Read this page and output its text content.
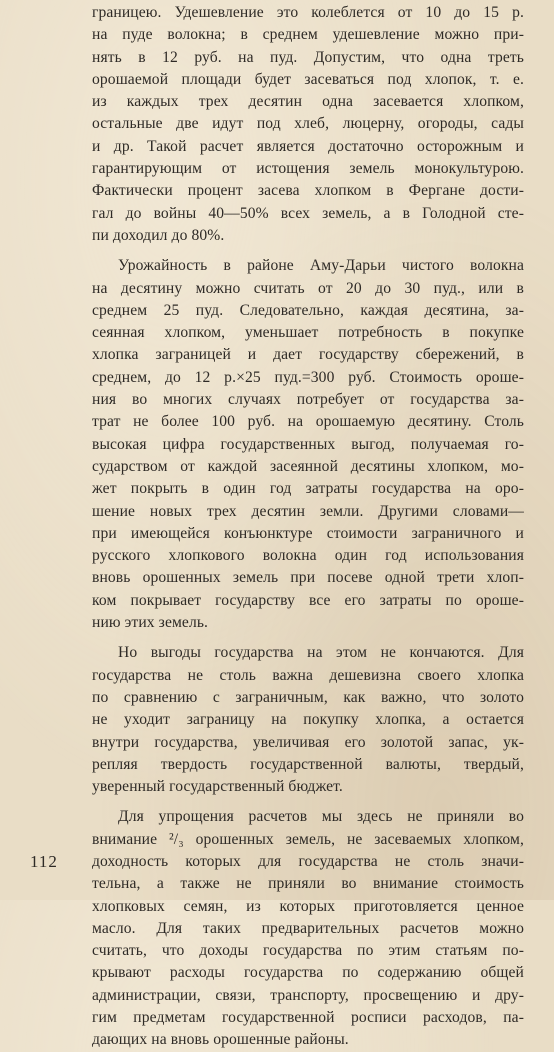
границею. Удешевление это колеблется от 10 до 15 р.
на пуде волокна; в среднем удешевление можно при-
нять в 12 руб. на пуд. Допустим, что одна треть
орошаемой площади будет засеваться под хлопок, т. е.
из каждых трех десятин одна засевается хлопком,
остальные две идут под хлеб, люцерну, огороды, сады
и др. Такой расчет является достаточно осторожным и
гарантирующим от истощения земель монокультурою.
Фактически процент засева хлопком в Фергане дости-
гал до войны 40—50% всех земель, а в Голодной сте-
пи доходил до 80%.
Урожайность в районе Аму-Дарьи чистого волокна
на десятину можно считать от 20 до 30 пуд., или в
среднем 25 пуд. Следовательно, каждая десятина, за-
сеянная хлопком, уменьшает потребность в покупке
хлопка заграницей и дает государству сбережений, в
среднем, до 12 р.×25 пуд.=300 руб. Стоимость ороше-
ния во многих случаях потребует от государства за-
трат не более 100 руб. на орошаемую десятину. Столь
высокая цифра государственных выгод, получаемая го-
сударством от каждой засеянной десятины хлопком, мо-
жет покрыть в один год затраты государства на оро-
шение новых трех десятин земли. Другими словами—
при имеющейся конъюнктуре стоимости заграничного и
русского хлопкового волокна один год использования
вновь орошенных земель при посеве одной трети хлоп-
ком покрывает государству все его затраты по ороше-
нию этих земель.
Но выгоды государства на этом не кончаются. Для
государства не столь важна дешевизна своего хлопка
по сравнению с заграничным, как важно, что золото
не уходит заграницу на покупку хлопка, а остается
внутри государства, увеличивая его золотой запас, ук-
репляя твердость государственной валюты, твердый,
уверенный государственный бюджет.
Для упрощения расчетов мы здесь не приняли во
внимание ²/₃ орошенных земель, не засеваемых хлопком,
доходность которых для государства не столь значи-
тельна, а также не приняли во внимание стоимость
хлопковых семян, из которых приготовляется ценное
масло. Для таких предварительных расчетов можно
считать, что доходы государства по этим статьям по-
крывают расходы государства по содержанию общей
администрации, связи, транспорту, просвещению и дру-
гим предметам государственной росписи расходов, па-
дающих на вновь орошенные районы.
112
